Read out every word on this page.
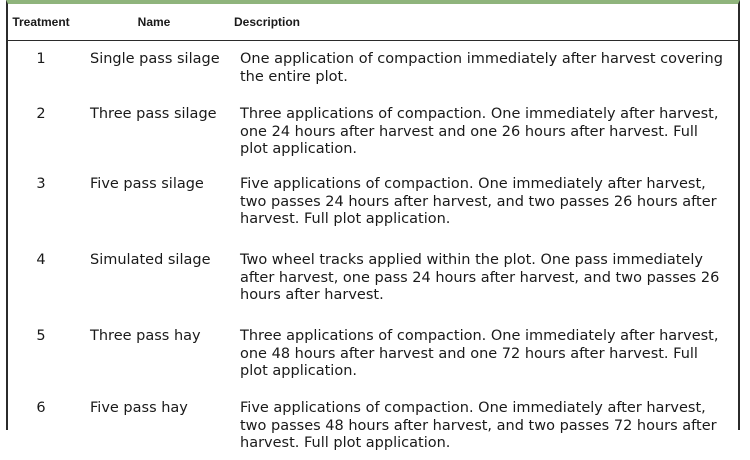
Treatment	Name	Description
1	Single pass silage	One application of compaction immediately after harvest covering the entire plot.
2	Three pass silage	Three applications of compaction. One immediately after harvest, one 24 hours after harvest and one 26 hours after harvest. Full plot application.
3	Five pass silage	Five applications of compaction. One immediately after harvest, two passes 24 hours after harvest, and two passes 26 hours after harvest. Full plot application.
4	Simulated silage	Two wheel tracks applied within the plot. One pass immediately after harvest, one pass 24 hours after harvest, and two passes 26 hours after harvest.
5	Three pass hay	Three applications of compaction. One immediately after harvest, one 48 hours after harvest and one 72 hours after harvest. Full plot application.
6	Five pass hay	Five applications of compaction. One immediately after harvest, two passes 48 hours after harvest, and two passes 72 hours after harvest. Full plot application.
